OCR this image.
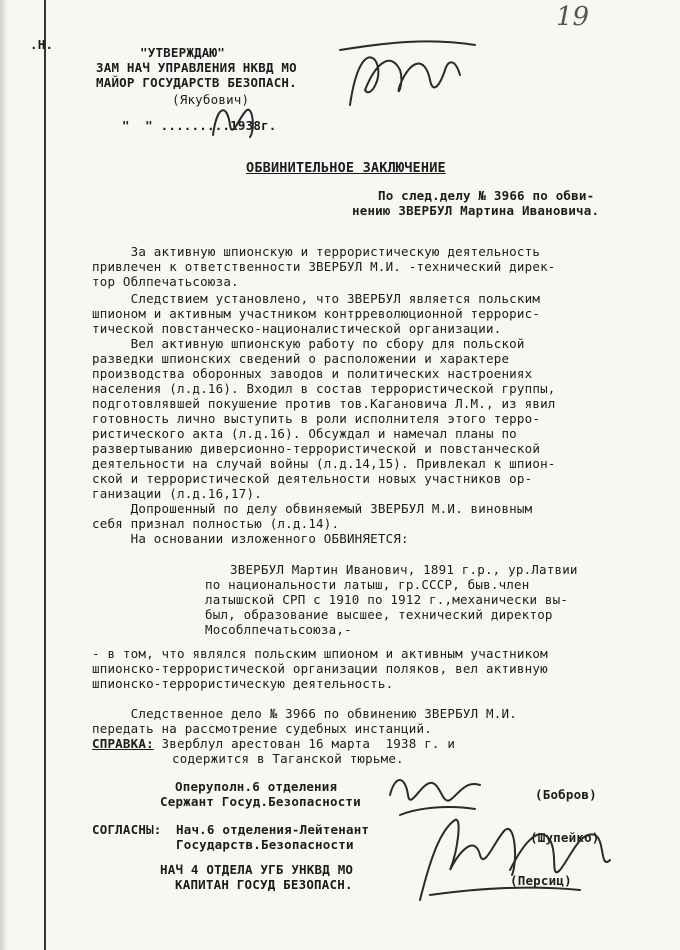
19
.Н.
"УТВЕРЖДАЮ"
ЗАМ НАЧ УПРАВЛЕНИЯ НКВД МО
МАЙОР ГОСУДАРСТВ БЕЗОПАСН.
(Якубович)
"  " .........1938г.
ОБВИНИТЕЛЬНОЕ ЗАКЛЮЧЕНИЕ
По след.делу № 3966 по обви-
нению ЗВЕРБУЛ Мартина Ивановича.
За активную шпионскую и террористическую деятельность
привлечен к ответственности ЗВЕРБУЛ М.И. -технический дирек-
тор Облпечатьсоюза.
Следствием установлено, что ЗВЕРБУЛ является польским
шпионом и активным участником контрреволюционной террорис-
тической повстанческо-националистической организации.
Вел активную шпионскую работу по сбору для польской
разведки шпионских сведений о расположении и характере
производства оборонных заводов и политических настроениях
населения (л.д.16). Входил в состав террористической группы,
подготовлявшей покушение против тов.Кагановича Л.М., из явил
готовность лично выступить в роли исполнителя этого терро-
ристического акта (л.д.16). Обсуждал и намечал планы по
развертыванию диверсионно-террористической и повстанческой
деятельности на случай войны (л.д.14,15). Привлекал к шпион-
ской и террористической деятельности новых участников ор-
ганизации (л.д.16,17).
Допрошенный по делу обвиняемый ЗВЕРБУЛ М.И. виновным
себя признал полностью (л.д.14).
На основании изложенного ОБВИНЯЕТСЯ:
ЗВЕРБУЛ Мартин Иванович, 1891 г.р., ур.Латвии
по национальности латыш, гр.СССР, быв.член
латышской СРП с 1910 по 1912 г.,механически вы-
был, образование высшее, технический директор
Мособлпечатьсоюза,-
- в том, что являлся польским шпионом и активным участником
шпионско-террористической организации поляков, вел активную
шпионско-террористическую деятельность.
Следственное дело № 3966 по обвинению ЗВЕРБУЛ М.И.
передать на рассмотрение судебных инстанций.
СПРАВКА: Зверблул арестован 16 марта  1938 г. и
содержится в Таганской тюрьме.
Оперуполн.6 отделения
Сержант Госуд.Безопасности	(Бобров)
СОГЛАСНЫ: Нач.6 отделения-Лейтенант
Государств.Безопасности	(Шупейко)
НАЧ 4 ОТДЕЛА УГБ УНКВД МО
КАПИТАН ГОСУД БЕЗОПАСН.	(Персиц)
